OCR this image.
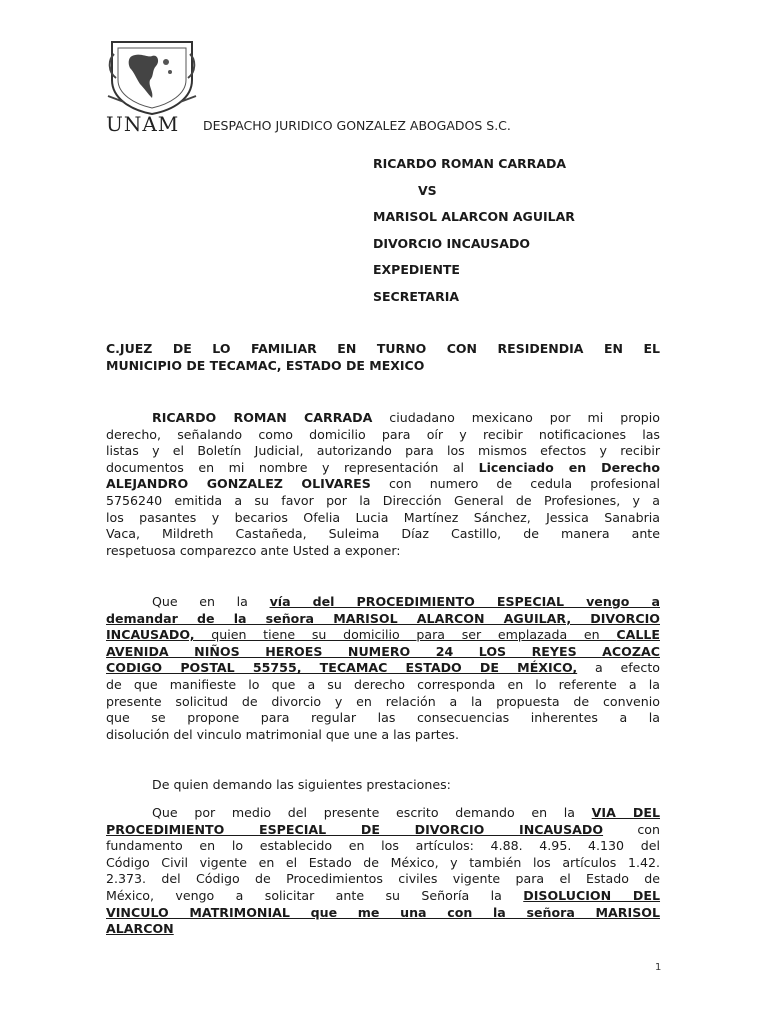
UNAM DESPACHO JURIDICO GONZALEZ ABOGADOS S.C.
RICARDO ROMAN CARRADA
VS
MARISOL ALARCON AGUILAR
DIVORCIO INCAUSADO
EXPEDIENTE
SECRETARIA
C.JUEZ DE LO FAMILIAR EN TURNO CON RESIDENDIA EN EL
MUNICIPIO DE TECAMAC, ESTADO DE MEXICO
RICARDO ROMAN CARRADA ciudadano mexicano por mi propio
derecho, señalando como domicilio para oír y recibir notificaciones las
listas y el Boletín Judicial, autorizando para los mismos efectos y recibir
documentos en mi nombre y representación al Licenciado en Derecho
ALEJANDRO GONZALEZ OLIVARES con numero de cedula profesional
5756240 emitida a su favor por la Dirección General de Profesiones, y a
los pasantes y becarios Ofelia Lucia Martínez Sánchez, Jessica Sanabria
Vaca, Mildreth Castañeda, Suleima Díaz Castillo, de manera ante
respetuosa comparezco ante Usted a exponer:
Que en la vía del PROCEDIMIENTO ESPECIAL vengo a
demandar de la señora MARISOL ALARCON AGUILAR, DIVORCIO
INCAUSADO, quien tiene su domicilio para ser emplazada en CALLE
AVENIDA NIÑOS HEROES NUMERO 24 LOS REYES ACOZAC
CODIGO POSTAL 55755, TECAMAC ESTADO DE MÉXICO, a efecto
de que manifieste lo que a su derecho corresponda en lo referente a la
presente solicitud de divorcio y en relación a la propuesta de convenio
que se propone para regular las consecuencias inherentes a la
disolución del vinculo matrimonial que une a las partes.
De quien demando las siguientes prestaciones:
Que por medio del presente escrito demando en la VIA DEL
PROCEDIMIENTO ESPECIAL DE DIVORCIO INCAUSADO con
fundamento en lo establecido en los artículos: 4.88. 4.95. 4.130 del
Código Civil vigente en el Estado de México, y también los artículos 1.42.
2.373. del Código de Procedimientos civiles vigente para el Estado de
México, vengo a solicitar ante su Señoría la DISOLUCION DEL
VINCULO MATRIMONIAL que me una con la señora MARISOL
ALARCON
1
